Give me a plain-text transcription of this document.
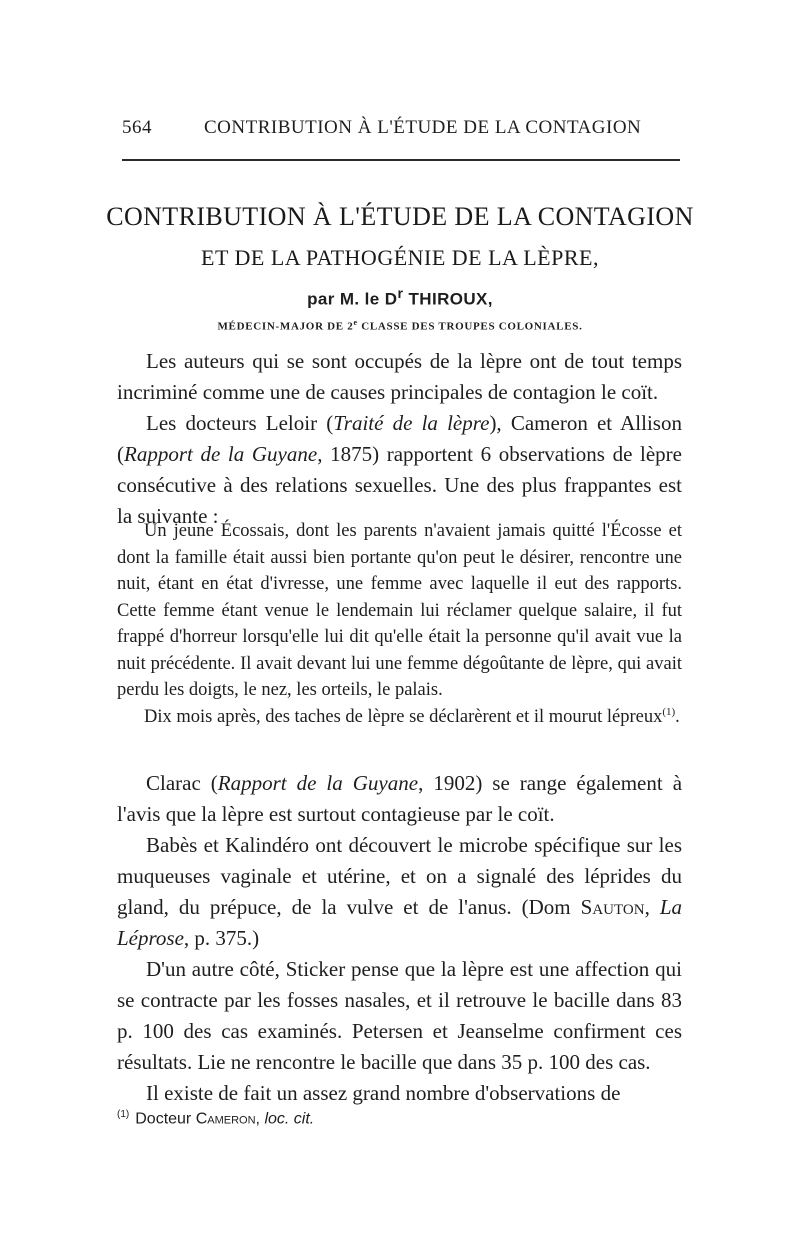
564	CONTRIBUTION À L'ÉTUDE DE LA CONTAGION
CONTRIBUTION À L'ÉTUDE DE LA CONTAGION
ET DE LA PATHOGÉNIE DE LA LÈPRE,
par M. le $D^r$ THIROUX,
MÉDECIN-MAJOR DE 2e CLASSE DES TROUPES COLONIALES.

Les auteurs qui se sont occupés de la lèpre ont de tout temps incriminé comme une de causes principales de contagion le coït.

Les docteurs Leloir (Traité de la lèpre), Cameron et Allison (Rapport de la Guyane, 1875) rapportent 6 observations de lèpre consécutive à des relations sexuelles. Une des plus frappantes est la suivante :

Un jeune Écossais, dont les parents n'avaient jamais quitté l'Écosse et dont la famille était aussi bien portante qu'on peut le désirer, rencontre une nuit, étant en état d'ivresse, une femme avec laquelle il eut des rapports. Cette femme étant venue le lendemain lui réclamer quelque salaire, il fut frappé d'horreur lorsqu'elle lui dit qu'elle était la personne qu'il avait vue la nuit précédente. Il avait devant lui une femme dégoûtante de lèpre, qui avait perdu les doigts, le nez, les orteils, le palais.

Dix mois après, des taches de lèpre se déclarèrent et il mourut lépreux$^{(1)}$.

Clarac (Rapport de la Guyane, 1902) se range également à l'avis que la lèpre est surtout contagieuse par le coït.

Babès et Kalindéro ont découvert le microbe spécifique sur les muqueuses vaginale et utérine, et on a signalé des léprides du gland, du prépuce, de la vulve et de l'anus. (Dom Sauton, La Léprose, p. 375.)

D'un autre côté, Sticker pense que la lèpre est une affection qui se contracte par les fosses nasales, et il retrouve le bacille dans 83 p. 100 des cas examinés. Petersen et Jeanselme confirment ces résultats. Lie ne rencontre le bacille que dans 35 p. 100 des cas.

Il existe de fait un assez grand nombre d'observations de

$^{(1)}$ Docteur Cameron, loc. cit.
